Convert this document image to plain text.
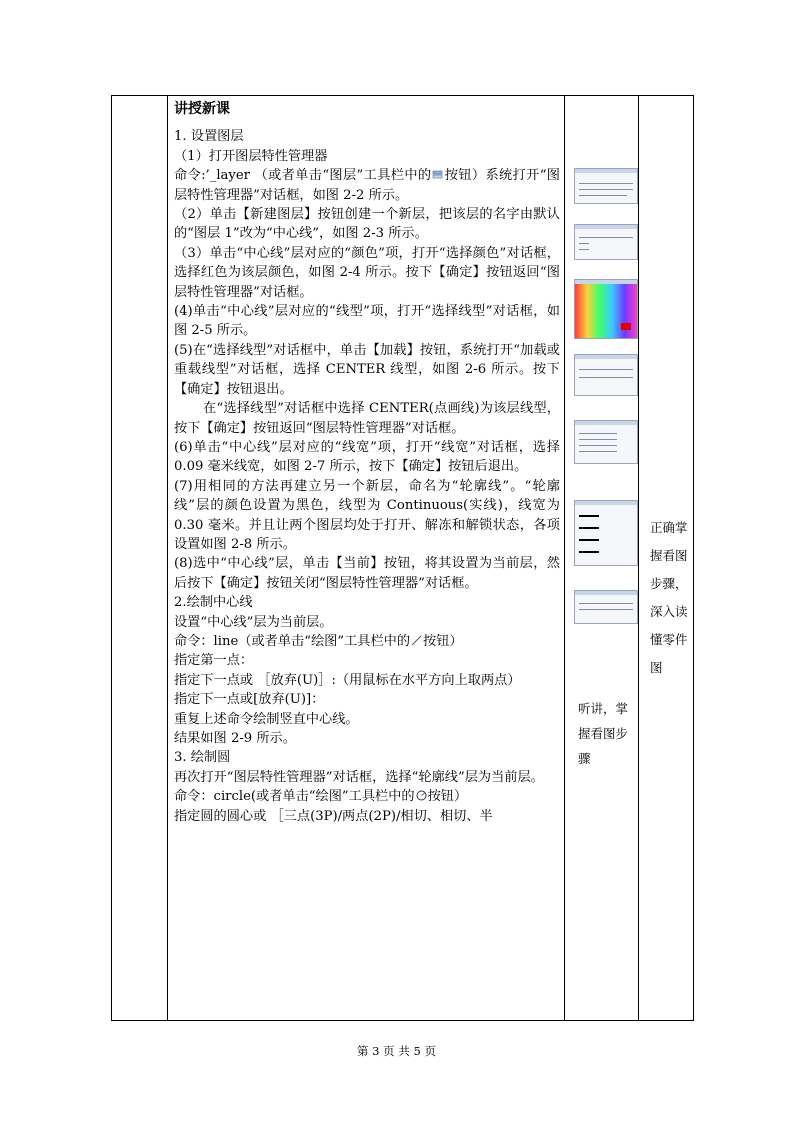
讲授新课

1. 设置图层

（1）打开图层特性管理器

命令:’_layer （或者单击“图层”工具栏中的 按钮）系统打开“图层特性管理器”对话框，如图 2-2 所示。

（2）单击【新建图层】按钮创建一个新层，把该层的名字由默认的“图层 1”改为“中心线”，如图 2-3 所示。

（3）单击“中心线”层对应的“颜色”项，打开“选择颜色”对话框，选择红色为该层颜色，如图 2-4 所示。按下【确定】按钮返回“图层特性管理器”对话框。

(4)单击“中心线”层对应的“线型”项，打开“选择线型”对话框，如图 2-5 所示。

(5)在“选择线型”对话框中，单击【加载】按钮，系统打开“加载或重载线型”对话框，选择 CENTER 线型，如图 2-6 所示。按下【确定】按钮退出。

在“选择线型”对话框中选择 CENTER(点画线)为该层线型，按下【确定】按钮返回“图层特性管理器”对话框。

(6)单击“中心线”层对应的“线宽”项，打开“线宽”对话框，选择 0.09 毫米线宽，如图 2-7 所示，按下【确定】按钮后退出。

(7)用相同的方法再建立另一个新层，命名为“轮廓线”。“轮廓线”层的颜色设置为黑色，线型为 Continuous(实线)，线宽为 0.30 毫米。并且让两个图层均处于打开、解冻和解锁状态，各项设置如图 2-8 所示。

(8)选中“中心线”层，单击【当前】按钮，将其设置为当前层，然后按下【确定】按钮关闭“图层特性管理器”对话框。

2.绘制中心线

设置“中心线”层为当前层。

命令：line（或者单击“绘图”工具栏中的 按钮）

指定第一点：

指定下一点或 ［放弃(U)］:（用鼠标在水平方向上取两点）

指定下一点或[放弃(U)]：

重复上述命令绘制竖直中心线。

结果如图 2-9 所示。

3. 绘制圆

再次打开“图层特性管理器”对话框，选择“轮廓线”层为当前层。

命令：circle(或者单击“绘图”工具栏中的 按钮）

指定圆的圆心或 ［三点(3P)/两点(2P)/相切、相切、半

听讲，掌握看图步骤
正确掌握看图步骤，深入读懂零件图
第 3 页 共 5 页
